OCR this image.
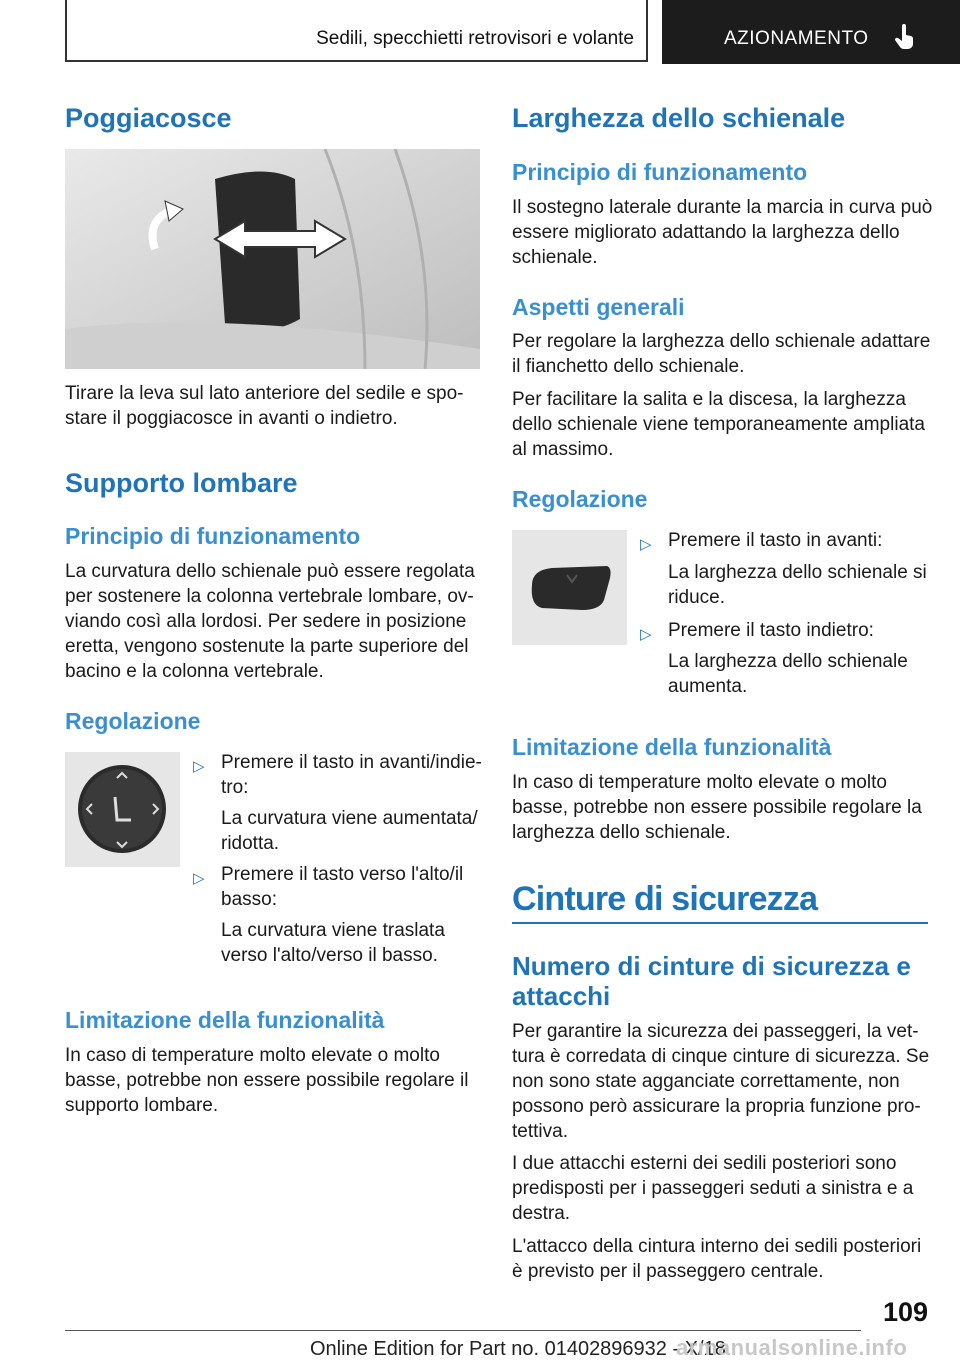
Sedili, specchietti retrovisori e volante	AZIONAMENTO
Poggiacosce
Tirare la leva sul lato anteriore del sedile e spo-
stare il poggiacosce in avanti o indietro.
Supporto lombare
Principio di funzionamento
La curvatura dello schienale può essere regolata
per sostenere la colonna vertebrale lombare, ov-
viando così alla lordosi. Per sedere in posizione
eretta, vengono sostenute la parte superiore del
bacino e la colonna vertebrale.
Regolazione
▷ Premere il tasto in avanti/indie-
tro:
La curvatura viene aumentata/
ridotta.
▷ Premere il tasto verso l'alto/il
basso:
La curvatura viene traslata
verso l'alto/verso il basso.
Limitazione della funzionalità
In caso di temperature molto elevate o molto
basse, potrebbe non essere possibile regolare il
supporto lombare.
Larghezza dello schienale
Principio di funzionamento
Il sostegno laterale durante la marcia in curva può
essere migliorato adattando la larghezza dello
schienale.
Aspetti generali
Per regolare la larghezza dello schienale adattare
il fianchetto dello schienale.
Per facilitare la salita e la discesa, la larghezza
dello schienale viene temporaneamente ampliata
al massimo.
Regolazione
▷ Premere il tasto in avanti:
La larghezza dello schienale si
riduce.
▷ Premere il tasto indietro:
La larghezza dello schienale
aumenta.
Limitazione della funzionalità
In caso di temperature molto elevate o molto
basse, potrebbe non essere possibile regolare la
larghezza dello schienale.
Cinture di sicurezza
Numero di cinture di sicurezza e
attacchi
Per garantire la sicurezza dei passeggeri, la vet-
tura è corredata di cinque cinture di sicurezza. Se
non sono state agganciate correttamente, non
possono però assicurare la propria funzione pro-
tettiva.
I due attacchi esterni dei sedili posteriori sono
predisposti per i passeggeri seduti a sinistra e a
destra.
L'attacco della cintura interno dei sedili posteriori
è previsto per il passeggero centrale.
109
Online Edition for Part no. 01402896932 - X/18
armanualsonline.info
